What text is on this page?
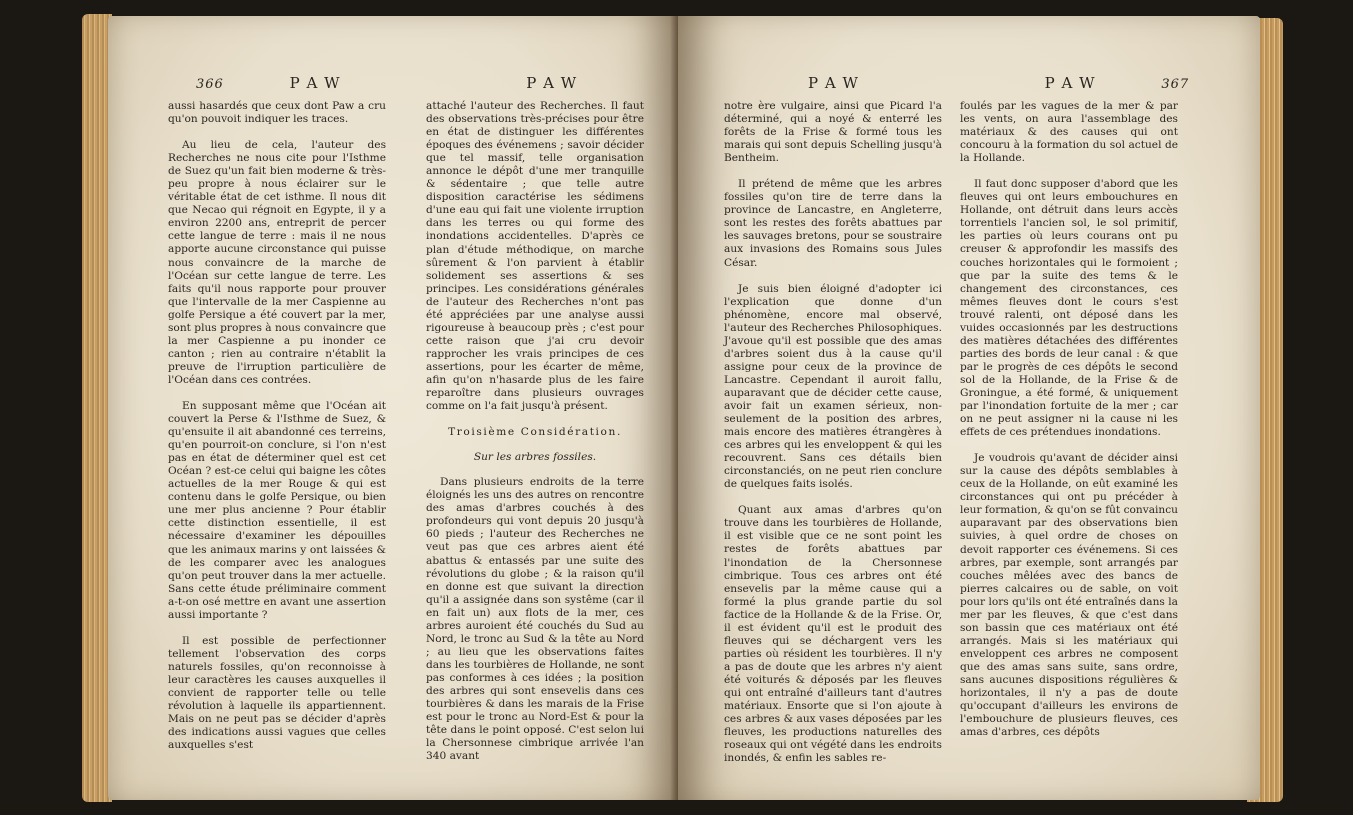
366	P A W	P A W

aussi hasardés que ceux dont Paw a cru qu'on pouvoit indiquer les traces.

Au lieu de cela, l'auteur des Recherches ne nous cite pour l'Isthme de Suez qu'un fait bien moderne & très-peu propre à nous éclairer sur le véritable état de cet isthme. Il nous dit que Necao qui régnoit en Egypte, il y a environ 2200 ans, entreprit de percer cette langue de terre : mais il ne nous apporte aucune circonstance qui puisse nous convaincre de la marche de l'Océan sur cette langue de terre. Les faits qu'il nous rapporte pour prouver que l'intervalle de la mer Caspienne au golfe Persique a été couvert par la mer, sont plus propres à nous convaincre que la mer Caspienne a pu inonder ce canton ; rien au contraire n'établit la preuve de l'irruption particulière de l'Océan dans ces contrées.

En supposant même que l'Océan ait couvert la Perse & l'Isthme de Suez, & qu'ensuite il ait abandonné ces terreins, qu'en pourroit-on conclure, si l'on n'est pas en état de déterminer quel est cet Océan ? est-ce celui qui baigne les côtes actuelles de la mer Rouge & qui est contenu dans le golfe Persique, ou bien une mer plus ancienne ? Pour établir cette distinction essentielle, il est nécessaire d'examiner les dépouilles que les animaux marins y ont laissées & de les comparer avec les analogues qu'on peut trouver dans la mer actuelle. Sans cette étude préliminaire comment a-t-on osé mettre en avant une assertion aussi importante ?

Il est possible de perfectionner tellement l'observation des corps naturels fossiles, qu'on reconnoisse à leur caractères les causes auxquelles il convient de rapporter telle ou telle révolution à laquelle ils appartiennent. Mais on ne peut pas se décider d'après des indications aussi vagues que celles auxquelles s'est

attaché l'auteur des Recherches. Il faut des observations très-précises pour être en état de distinguer les différentes époques des événemens ; savoir décider que tel massif, telle organisation annonce le dépôt d'une mer tranquille & sédentaire ; que telle autre disposition caractérise les sédimens d'une eau qui fait une violente irruption dans les terres ou qui forme des inondations accidentelles. D'après ce plan d'étude méthodique, on marche sûrement & l'on parvient à établir solidement ses assertions & ses principes. Les considérations générales de l'auteur des Recherches n'ont pas été appréciées par une analyse aussi rigoureuse à beaucoup près ; c'est pour cette raison que j'ai cru devoir rapprocher les vrais principes de ces assertions, pour les écarter de même, afin qu'on n'hasarde plus de les faire reparoître dans plusieurs ouvrages comme on l'a fait jusqu'à présent.

Troisième Considération.
Sur les arbres fossiles.

Dans plusieurs endroits de la terre éloignés les uns des autres on rencontre des amas d'arbres couchés à des profondeurs qui vont depuis 20 jusqu'à 60 pieds ; l'auteur des Recherches ne veut pas que ces arbres aient été abattus & entassés par une suite des révolutions du globe ; & la raison qu'il en donne est que suivant la direction qu'il a assignée dans son systême (car il en fait un) aux flots de la mer, ces arbres auroient été couchés du Sud au Nord, le tronc au Sud & la tête au Nord ; au lieu que les observations faites dans les tourbières de Hollande, ne sont pas conformes à ces idées ; la position des arbres qui sont ensevelis dans ces tourbières & dans les marais de la Frise est pour le tronc au Nord-Est & pour la tête dans le point opposé. C'est selon lui la Chersonnese cimbrique arrivée l'an 340 avant

P A W	P A W	367

notre ère vulgaire, ainsi que Picard l'a déterminé, qui a noyé & enterré les forêts de la Frise & formé tous les marais qui sont depuis Schelling jusqu'à Bentheim.

Il prétend de même que les arbres fossiles qu'on tire de terre dans la province de Lancastre, en Angleterre, sont les restes des forêts abattues par les sauvages bretons, pour se soustraire aux invasions des Romains sous Jules César.

Je suis bien éloigné d'adopter ici l'explication que donne d'un phénomène, encore mal observé, l'auteur des Recherches Philosophiques. J'avoue qu'il est possible que des amas d'arbres soient dus à la cause qu'il assigne pour ceux de la province de Lancastre. Cependant il auroit fallu, auparavant que de décider cette cause, avoir fait un examen sérieux, non-seulement de la position des arbres, mais encore des matières étrangères à ces arbres qui les enveloppent & qui les recouvrent. Sans ces détails bien circonstanciés, on ne peut rien conclure de quelques faits isolés.

Quant aux amas d'arbres qu'on trouve dans les tourbières de Hollande, il est visible que ce ne sont point les restes de forêts abattues par l'inondation de la Chersonnese cimbrique. Tous ces arbres ont été ensevelis par la même cause qui a formé la plus grande partie du sol factice de la Hollande & de la Frise. Or, il est évident qu'il est le produit des fleuves qui se déchargent vers les parties où résident les tourbières. Il n'y a pas de doute que les arbres n'y aient été voiturés & déposés par les fleuves qui ont entraîné d'ailleurs tant d'autres matériaux. Ensorte que si l'on ajoute à ces arbres & aux vases déposées par les fleuves, les productions naturelles des roseaux qui ont végété dans les endroits inondés, & enfin les sables re-

foulés par les vagues de la mer & par les vents, on aura l'assemblage des matériaux & des causes qui ont concouru à la formation du sol actuel de la Hollande.

Il faut donc supposer d'abord que les fleuves qui ont leurs embouchures en Hollande, ont détruit dans leurs accès torrentiels l'ancien sol, le sol primitif, les parties où leurs courans ont pu creuser & approfondir les massifs des couches horizontales qui le formoient ; que par la suite des tems & le changement des circonstances, ces mêmes fleuves dont le cours s'est trouvé ralenti, ont déposé dans les vuides occasionnés par les destructions des matières détachées des différentes parties des bords de leur canal : & que par le progrès de ces dépôts le second sol de la Hollande, de la Frise & de Groningue, a été formé, & uniquement par l'inondation fortuite de la mer ; car on ne peut assigner ni la cause ni les effets de ces prétendues inondations.

Je voudrois qu'avant de décider ainsi sur la cause des dépôts semblables à ceux de la Hollande, on eût examiné les circonstances qui ont pu précéder à leur formation, & qu'on se fût convaincu auparavant par des observations bien suivies, à quel ordre de choses on devoit rapporter ces événemens. Si ces arbres, par exemple, sont arrangés par couches mêlées avec des bancs de pierres calcaires ou de sable, on voit pour lors qu'ils ont été entraînés dans la mer par les fleuves, & que c'est dans son bassin que ces matériaux ont été arrangés. Mais si les matériaux qui enveloppent ces arbres ne composent que des amas sans suite, sans ordre, sans aucunes dispositions régulières & horizontales, il n'y a pas de doute qu'occupant d'ailleurs les environs de l'embouchure de plusieurs fleuves, ces amas d'arbres, ces dépôts
